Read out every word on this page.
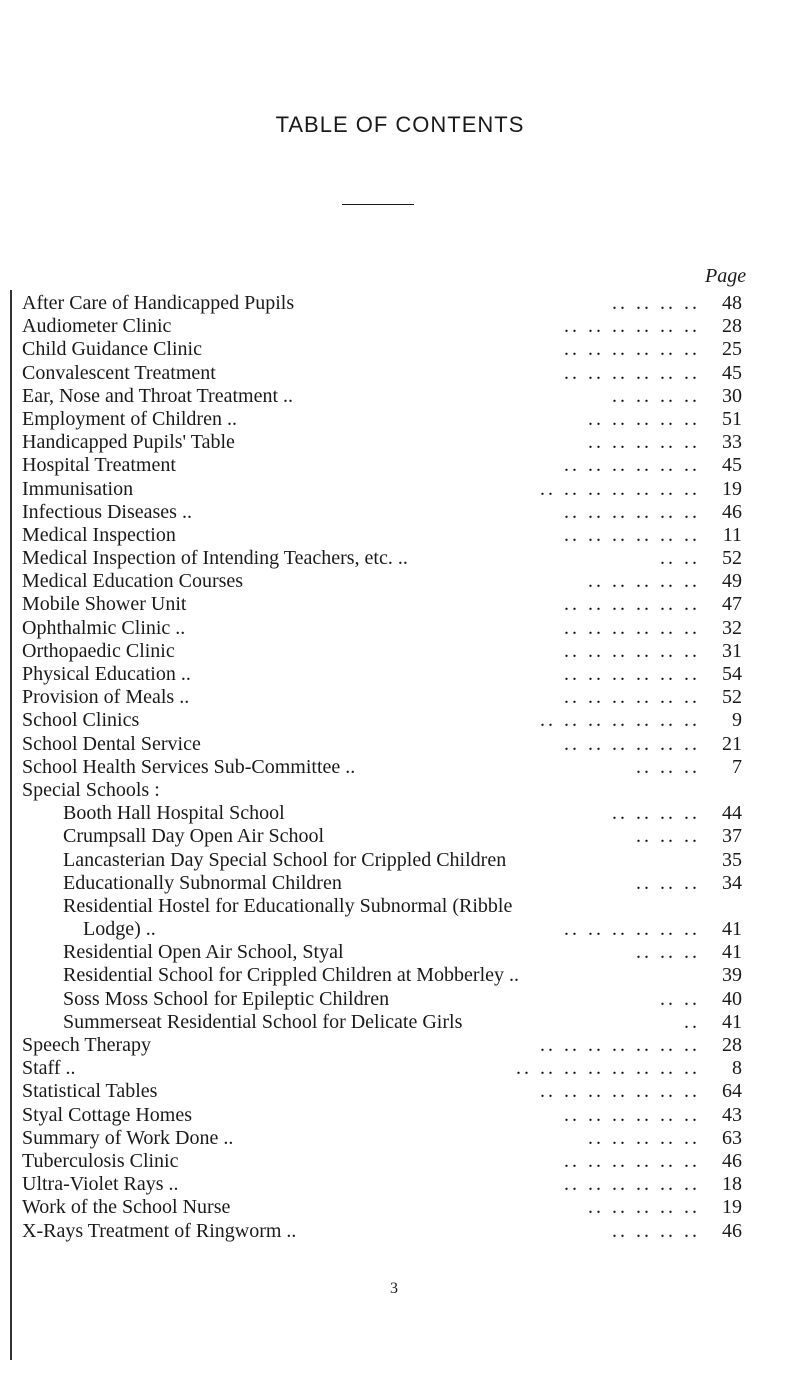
TABLE OF CONTENTS
Page
After Care of Handicapped Pupils	.. .. .. ..	48
Audiometer Clinic	.. .. .. .. .. ..	28
Child Guidance Clinic	.. .. .. .. .. ..	25
Convalescent Treatment	.. .. .. .. .. ..	45
Ear, Nose and Throat Treatment ..	.. .. .. ..	30
Employment of Children ..	.. .. .. .. ..	51
Handicapped Pupils' Table	.. .. .. .. ..	33
Hospital Treatment	.. .. .. .. .. ..	45
Immunisation	.. .. .. .. .. .. ..	19
Infectious Diseases ..	.. .. .. .. .. ..	46
Medical Inspection	.. .. .. .. .. ..	11
Medical Inspection of Intending Teachers, etc. ..	.. ..	52
Medical Education Courses	.. .. .. .. ..	49
Mobile Shower Unit	.. .. .. .. .. ..	47
Ophthalmic Clinic ..	.. .. .. .. .. ..	32
Orthopaedic Clinic	.. .. .. .. .. ..	31
Physical Education ..	.. .. .. .. .. ..	54
Provision of Meals ..	.. .. .. .. .. ..	52
School Clinics	.. .. .. .. .. .. ..	9
School Dental Service	.. .. .. .. .. ..	21
School Health Services Sub-Committee ..	.. .. ..	7
Special Schools :
Booth Hall Hospital School	.. .. .. ..	44
Crumpsall Day Open Air School	.. .. ..	37
Lancasterian Day Special School for Crippled Children	35
Educationally Subnormal Children	.. .. ..	34
Residential Hostel for Educationally Subnormal (Ribble
Lodge) ..	.. .. .. .. .. ..	41
Residential Open Air School, Styal	.. .. ..	41
Residential School for Crippled Children at Mobberley ..	39
Soss Moss School for Epileptic Children	.. ..	40
Summerseat Residential School for Delicate Girls	..	41
Speech Therapy	.. .. .. .. .. .. ..	28
Staff ..	.. .. .. .. .. .. .. ..	8
Statistical Tables	.. .. .. .. .. .. ..	64
Styal Cottage Homes	.. .. .. .. .. ..	43
Summary of Work Done ..	.. .. .. .. ..	63
Tuberculosis Clinic	.. .. .. .. .. ..	46
Ultra-Violet Rays ..	.. .. .. .. .. ..	18
Work of the School Nurse	.. .. .. .. ..	19
X-Rays Treatment of Ringworm ..	.. .. .. ..	46
3
